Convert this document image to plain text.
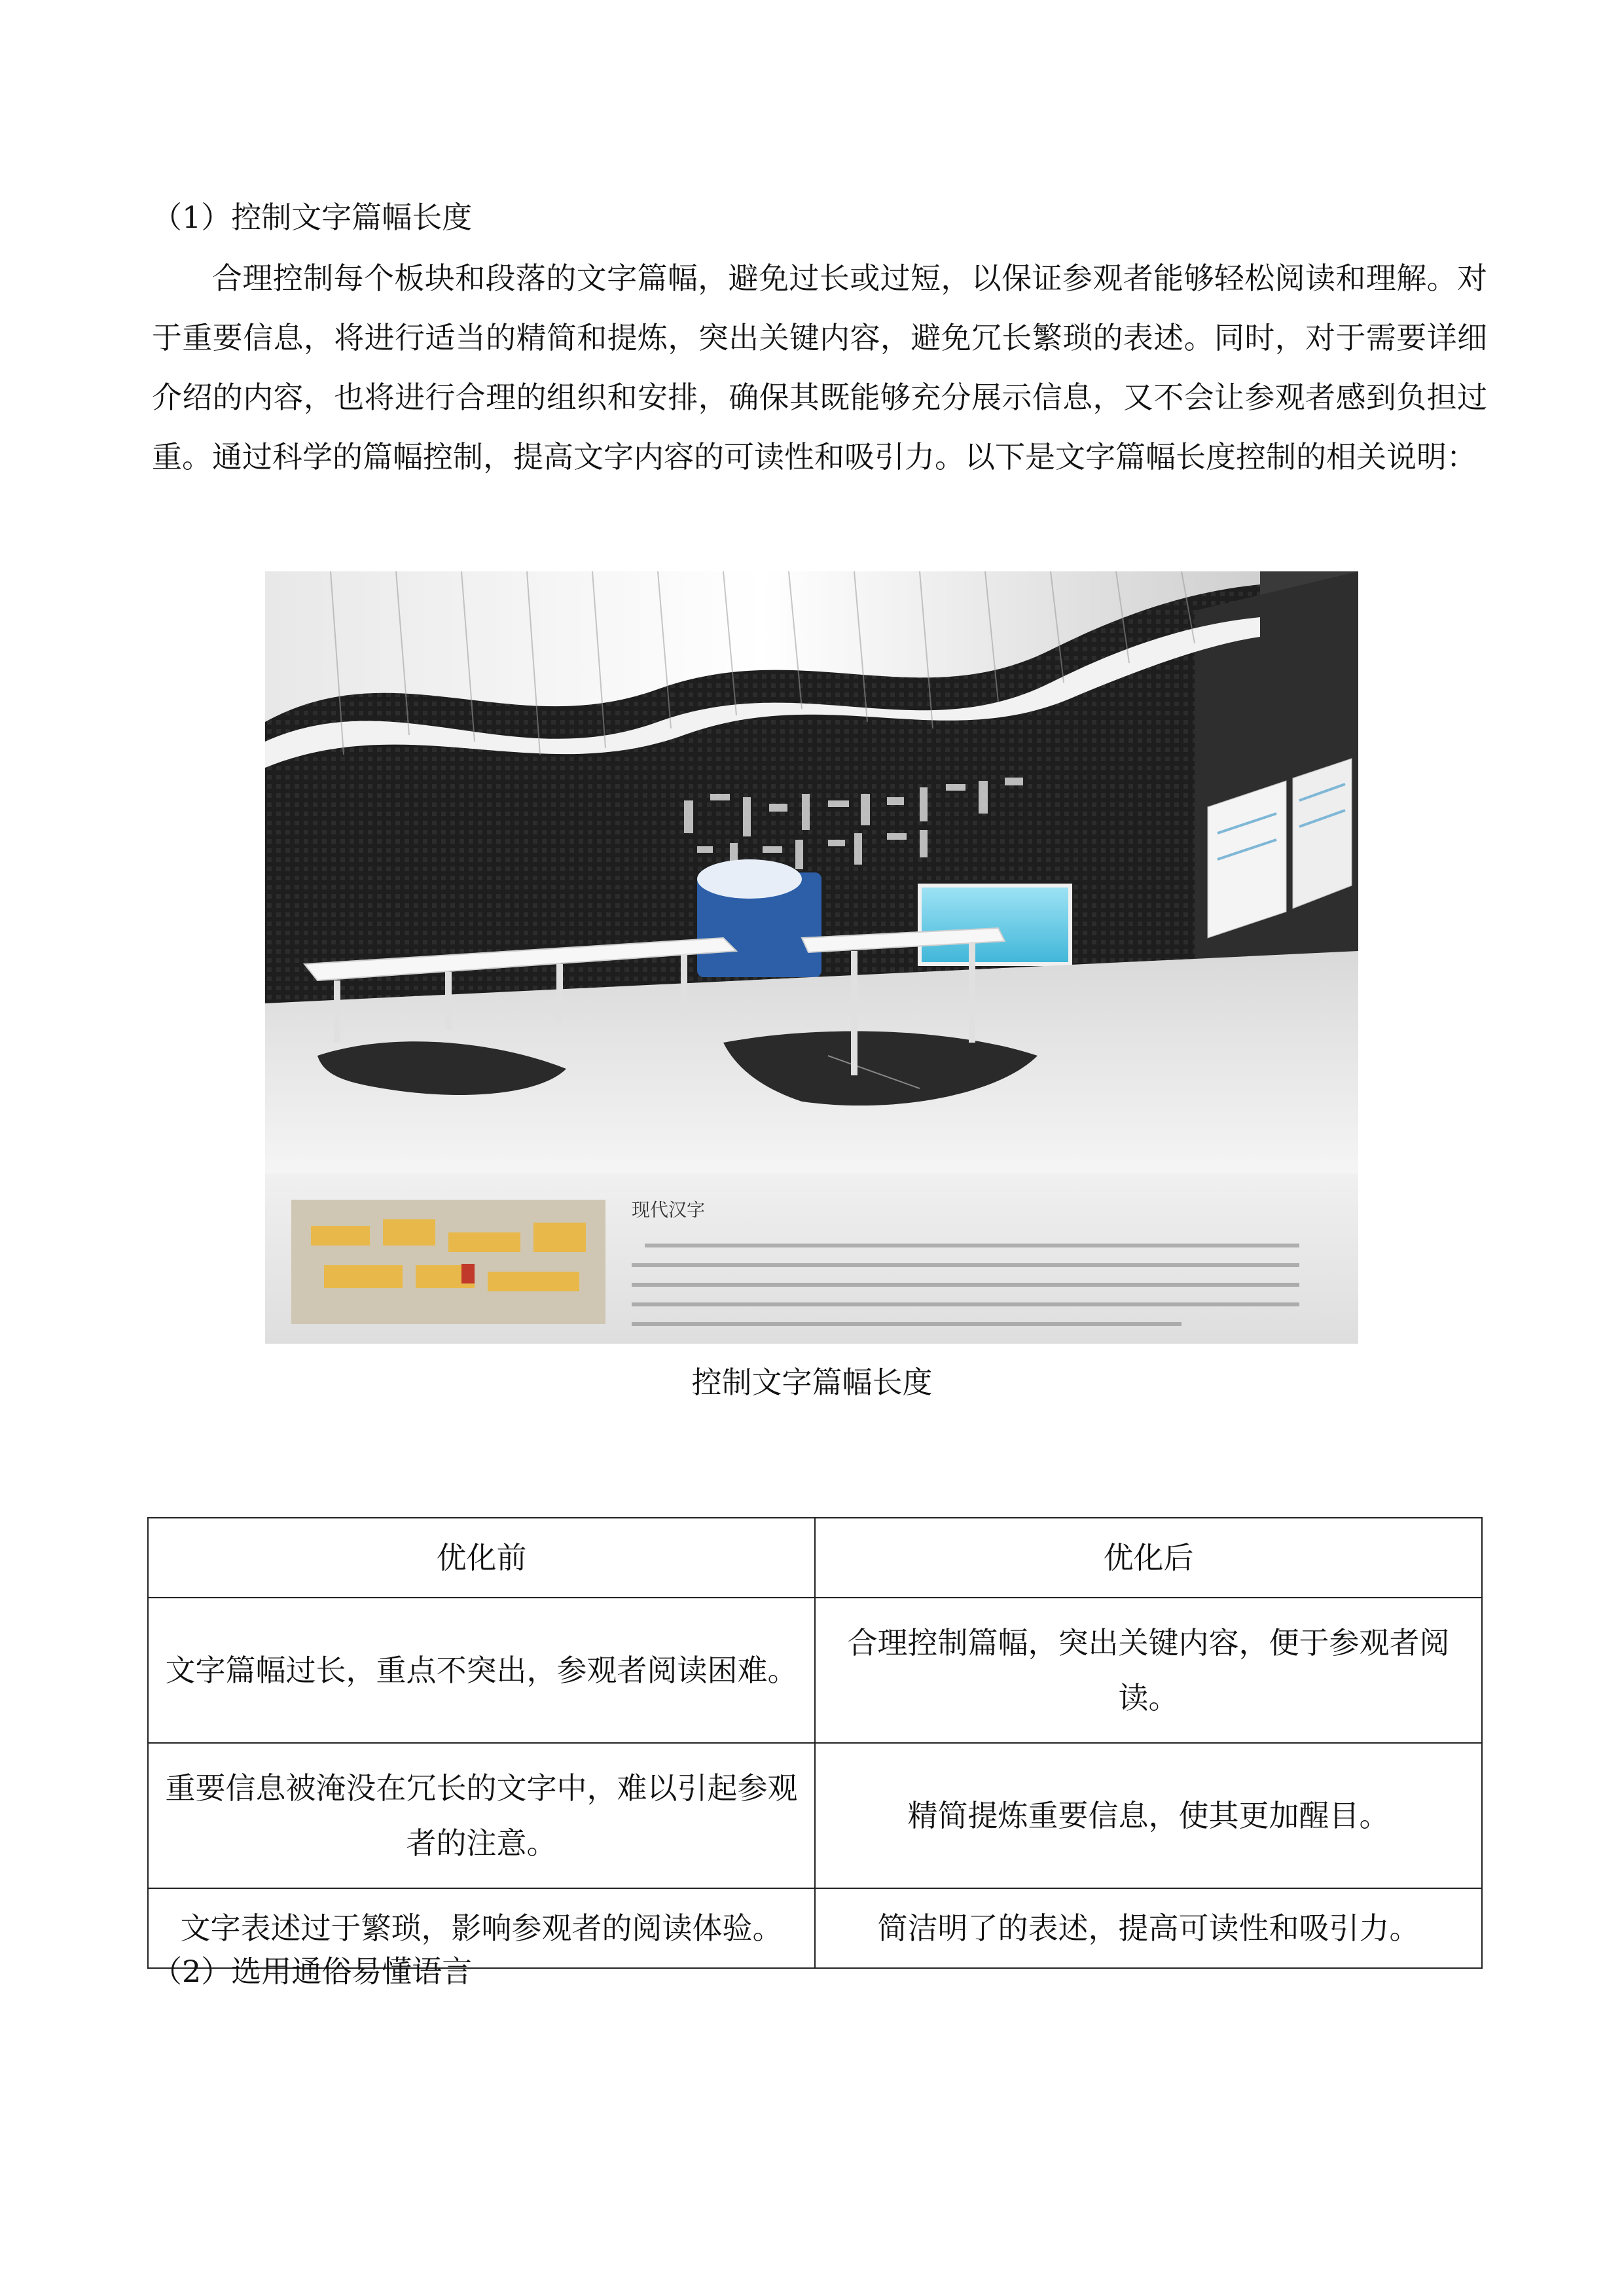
（1）控制文字篇幅长度

合理控制每个板块和段落的文字篇幅，避免过长或过短，以保证参观者能够轻松阅读和理解。对于重要信息，将进行适当的精简和提炼，突出关键内容，避免冗长繁琐的表述。同时，对于需要详细介绍的内容，也将进行合理的组织和安排，确保其既能够充分展示信息，又不会让参观者感到负担过重。通过科学的篇幅控制，提高文字内容的可读性和吸引力。以下是文字篇幅长度控制的相关说明：

现代汉字
控制文字篇幅长度
优化前	优化后
文字篇幅过长，重点不突出，参观者阅读困难。	合理控制篇幅，突出关键内容，便于参观者阅读。
重要信息被淹没在冗长的文字中，难以引起参观者的注意。	精简提炼重要信息，使其更加醒目。
文字表述过于繁琐，影响参观者的阅读体验。	简洁明了的表述，提高可读性和吸引力。
（2）选用通俗易懂语言
